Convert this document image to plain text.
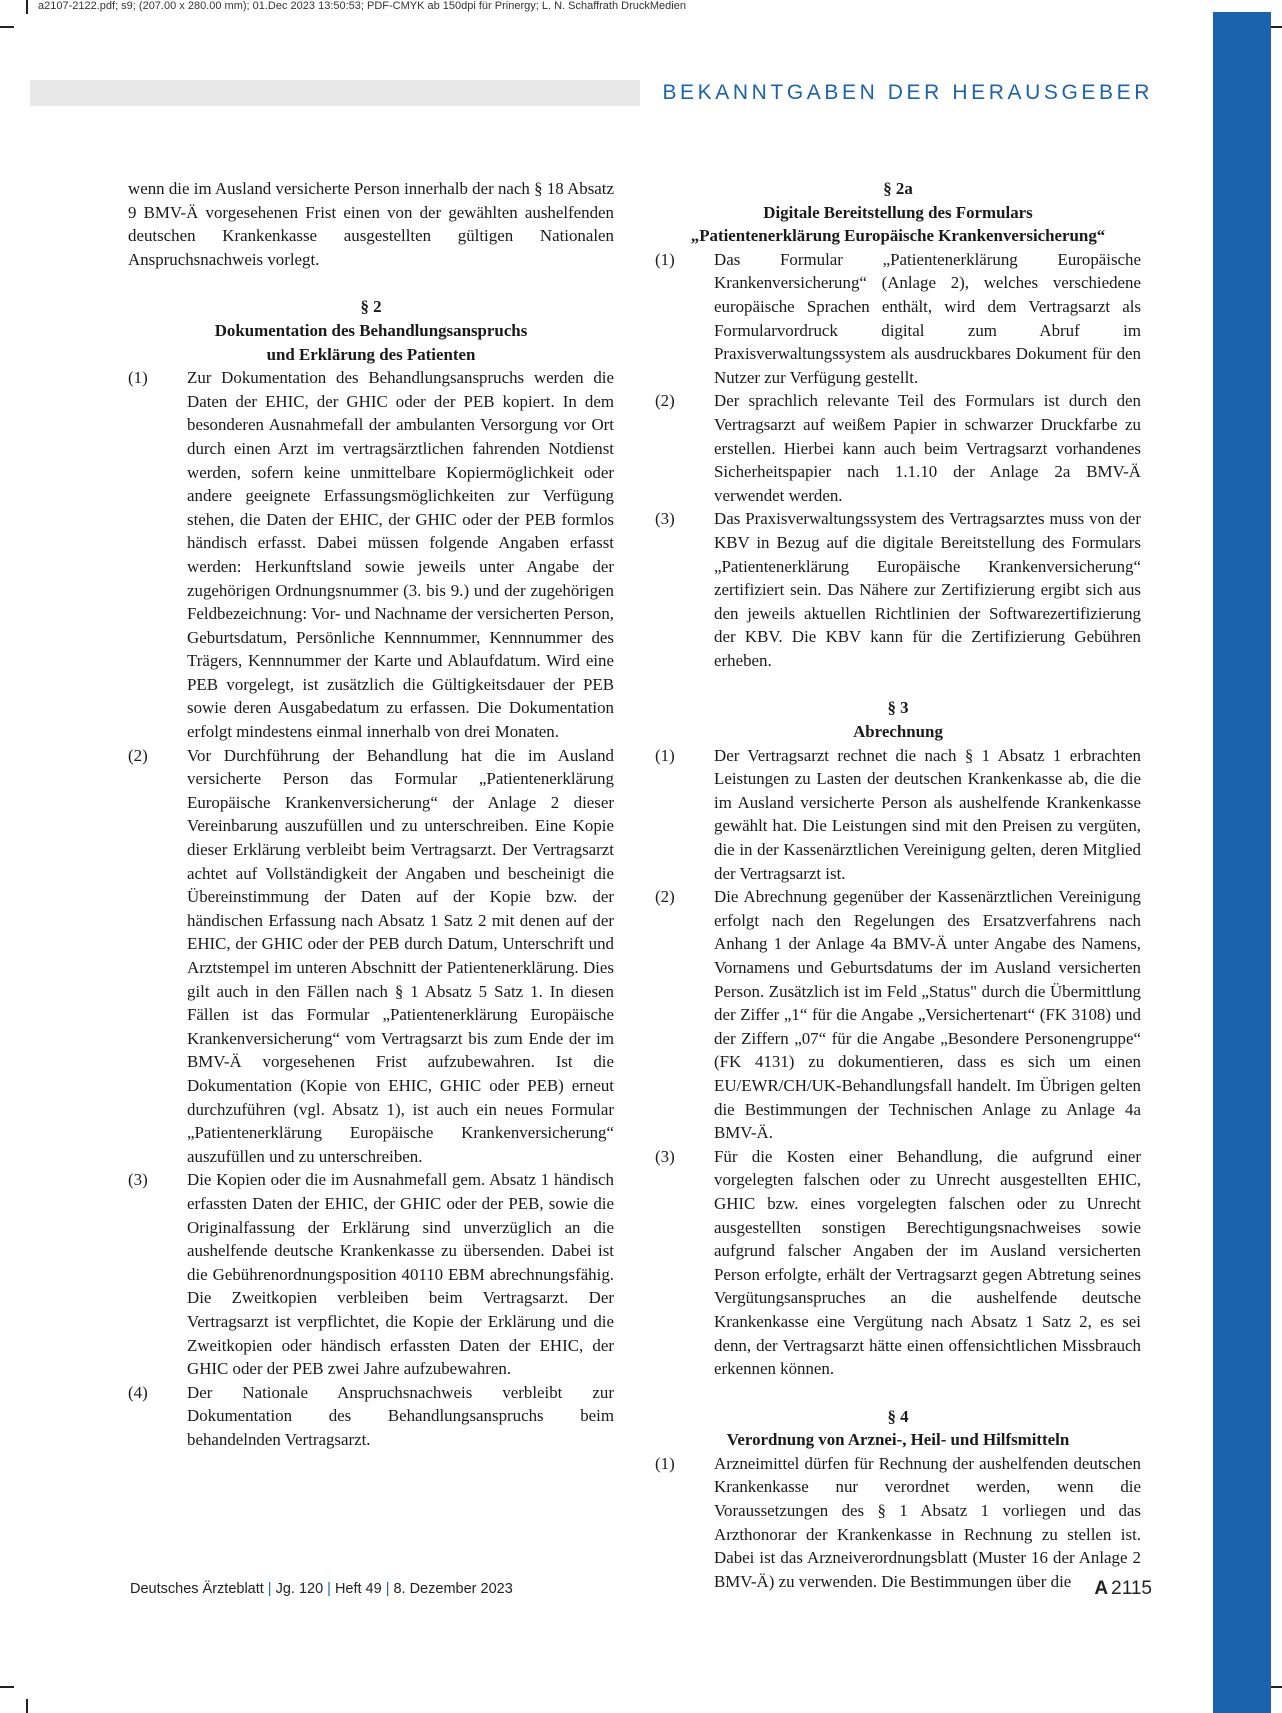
a2107-2122.pdf; s9; (207.00 x 280.00 mm); 01.Dec 2023 13:50:53; PDF-CMYK ab 150dpi für Prinergy; L. N. Schaffrath DruckMedien
BEKANNTGABEN DER HERAUSGEBER

wenn die im Ausland versicherte Person innerhalb der nach § 18 Absatz 9 BMV-Ä vorgesehenen Frist einen von der gewählten aushelfenden deutschen Krankenkasse ausgestellten gültigen Nationalen Anspruchsnachweis vorlegt.

§ 2
Dokumentation des Behandlungsanspruchs
und Erklärung des Patienten
(1)	Zur Dokumentation des Behandlungsanspruchs werden die Daten der EHIC, der GHIC oder der PEB kopiert. In dem besonderen Ausnahmefall der ambulanten Versorgung vor Ort durch einen Arzt im vertragsärztlichen fahrenden Notdienst werden, sofern keine unmittelbare Kopiermöglichkeit oder andere geeignete Erfassungsmöglichkeiten zur Verfügung stehen, die Daten der EHIC, der GHIC oder der PEB formlos händisch erfasst. Dabei müssen folgende Angaben erfasst werden: Herkunftsland sowie jeweils unter Angabe der zugehörigen Ordnungsnummer (3. bis 9.) und der zugehörigen Feldbezeichnung: Vor- und Nachname der versicherten Person, Geburtsdatum, Persönliche Kennnummer, Kennnummer des Trägers, Kennnummer der Karte und Ablaufdatum. Wird eine PEB vorgelegt, ist zusätzlich die Gültigkeitsdauer der PEB sowie deren Ausgabedatum zu erfassen. Die Dokumentation erfolgt mindestens einmal innerhalb von drei Monaten.
(2)	Vor Durchführung der Behandlung hat die im Ausland versicherte Person das Formular „Patientenerklärung Europäische Krankenversicherung“ der Anlage 2 dieser Vereinbarung auszufüllen und zu unterschreiben. Eine Kopie dieser Erklärung verbleibt beim Vertragsarzt. Der Vertragsarzt achtet auf Vollständigkeit der Angaben und bescheinigt die Übereinstimmung der Daten auf der Kopie bzw. der händischen Erfassung nach Absatz 1 Satz 2 mit denen auf der EHIC, der GHIC oder der PEB durch Datum, Unterschrift und Arztstempel im unteren Abschnitt der Patientenerklärung. Dies gilt auch in den Fällen nach § 1 Absatz 5 Satz 1. In diesen Fällen ist das Formular „Patientenerklärung Europäische Krankenversicherung“ vom Vertragsarzt bis zum Ende der im BMV-Ä vorgesehenen Frist aufzubewahren. Ist die Dokumentation (Kopie von EHIC, GHIC oder PEB) erneut durchzuführen (vgl. Absatz 1), ist auch ein neues Formular „Patientenerklärung Europäische Krankenversicherung“ auszufüllen und zu unterschreiben.
(3)	Die Kopien oder die im Ausnahmefall gem. Absatz 1 händisch erfassten Daten der EHIC, der GHIC oder der PEB, sowie die Originalfassung der Erklärung sind unverzüglich an die aushelfende deutsche Krankenkasse zu übersenden. Dabei ist die Gebührenordnungsposition 40110 EBM abrechnungsfähig. Die Zweitkopien verbleiben beim Vertragsarzt. Der Vertragsarzt ist verpflichtet, die Kopie der Erklärung und die Zweitkopien oder händisch erfassten Daten der EHIC, der GHIC oder der PEB zwei Jahre aufzubewahren.
(4)	Der Nationale Anspruchsnachweis verbleibt zur Dokumentation des Behandlungsanspruchs beim behandelnden Vertragsarzt.
§ 2a
Digitale Bereitstellung des Formulars
„Patientenerklärung Europäische Krankenversicherung“
(1)	Das Formular „Patientenerklärung Europäische Krankenversicherung“ (Anlage 2), welches verschiedene europäische Sprachen enthält, wird dem Vertragsarzt als Formularvordruck digital zum Abruf im Praxisverwaltungssystem als ausdruckbares Dokument für den Nutzer zur Verfügung gestellt.
(2)	Der sprachlich relevante Teil des Formulars ist durch den Vertragsarzt auf weißem Papier in schwarzer Druckfarbe zu erstellen. Hierbei kann auch beim Vertragsarzt vorhandenes Sicherheitspapier nach 1.1.10 der Anlage 2a BMV-Ä verwendet werden.
(3)	Das Praxisverwaltungssystem des Vertragsarztes muss von der KBV in Bezug auf die digitale Bereitstellung des Formulars „Patientenerklärung Europäische Krankenversicherung“ zertifiziert sein. Das Nähere zur Zertifizierung ergibt sich aus den jeweils aktuellen Richtlinien der Softwarezertifizierung der KBV. Die KBV kann für die Zertifizierung Gebühren erheben.
§ 3
Abrechnung
(1)	Der Vertragsarzt rechnet die nach § 1 Absatz 1 erbrachten Leistungen zu Lasten der deutschen Krankenkasse ab, die die im Ausland versicherte Person als aushelfende Krankenkasse gewählt hat. Die Leistungen sind mit den Preisen zu vergüten, die in der Kassenärztlichen Vereinigung gelten, deren Mitglied der Vertragsarzt ist.
(2)	Die Abrechnung gegenüber der Kassenärztlichen Vereinigung erfolgt nach den Regelungen des Ersatzverfahrens nach Anhang 1 der Anlage 4a BMV-Ä unter Angabe des Namens, Vornamens und Geburtsdatums der im Ausland versicherten Person. Zusätzlich ist im Feld „Status" durch die Übermittlung der Ziffer „1“ für die Angabe „Versichertenart“ (FK 3108) und der Ziffern „07“ für die Angabe „Besondere Personengruppe“ (FK 4131) zu dokumentieren, dass es sich um einen EU/EWR/CH/UK-Behandlungsfall handelt. Im Übrigen gelten die Bestimmungen der Technischen Anlage zu Anlage 4a BMV-Ä.
(3)	Für die Kosten einer Behandlung, die aufgrund einer vorgelegten falschen oder zu Unrecht ausgestellten EHIC, GHIC bzw. eines vorgelegten falschen oder zu Unrecht ausgestellten sonstigen Berechtigungsnachweises sowie aufgrund falscher Angaben der im Ausland versicherten Person erfolgte, erhält der Vertragsarzt gegen Abtretung seines Vergütungsanspruches an die aushelfende deutsche Krankenkasse eine Vergütung nach Absatz 1 Satz 2, es sei denn, der Vertragsarzt hätte einen offensichtlichen Missbrauch erkennen können.
§ 4
Verordnung von Arznei-, Heil- und Hilfsmitteln
(1)	Arzneimittel dürfen für Rechnung der aushelfenden deutschen Krankenkasse nur verordnet werden, wenn die Voraussetzungen des § 1 Absatz 1 vorliegen und das Arzthonorar der Krankenkasse in Rechnung zu stellen ist. Dabei ist das Arzneiverordnungsblatt (Muster 16 der Anlage 2 BMV-Ä) zu verwenden. Die Bestimmungen über die
Deutsches Ärzteblatt | Jg. 120 | Heft 49 | 8. Dezember 2023	A 2115
